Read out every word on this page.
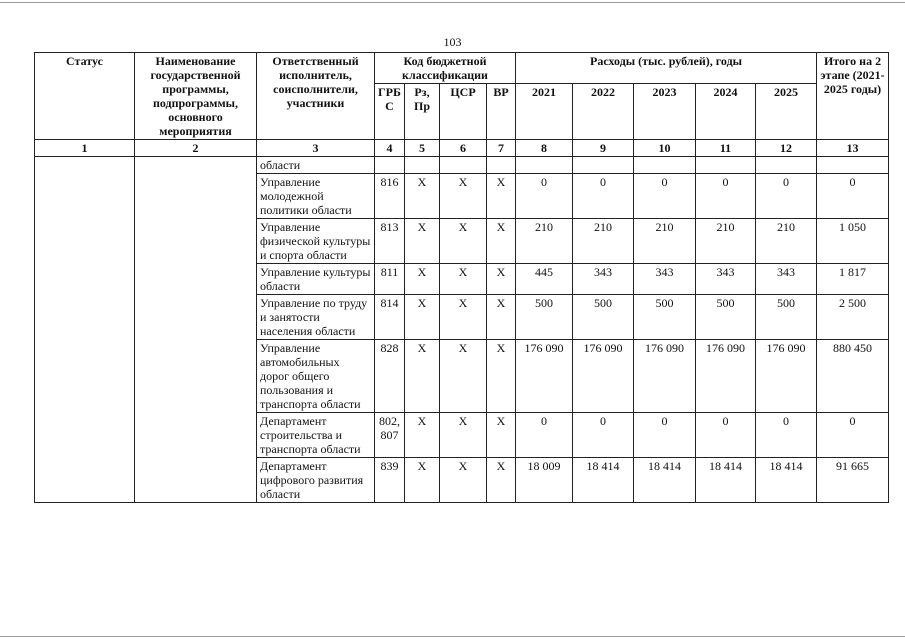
103
Статус	Наименование государственной программы, подпрограммы, основного мероприятия	Ответственный исполнитель, соисполнители, участники	Код бюджетной классификации				Расходы (тыс. рублей), годы					Итого на 2 этапе (2021-2025 годы)
			ГРБ С	Рз, Пр	ЦСР	ВР	2021	2022	2023	2024	2025	
1	2	3	4	5	6	7	8	9	10	11	12	13
		области										
		Управление молодежной политики области	816	Х	Х	Х	0	0	0	0	0	0
		Управление физической культуры и спорта области	813	Х	Х	Х	210	210	210	210	210	1 050
		Управление культуры области	811	Х	Х	Х	445	343	343	343	343	1 817
		Управление по труду и занятости населения области	814	Х	Х	Х	500	500	500	500	500	2 500
		Управление автомобильных дорог общего пользования и транспорта области	828	Х	Х	Х	176 090	176 090	176 090	176 090	176 090	880 450
		Департамент строительства и транспорта области	802, 807	Х	Х	Х	0	0	0	0	0	0
		Департамент цифрового развития области	839	Х	Х	Х	18 009	18 414	18 414	18 414	18 414	91 665
